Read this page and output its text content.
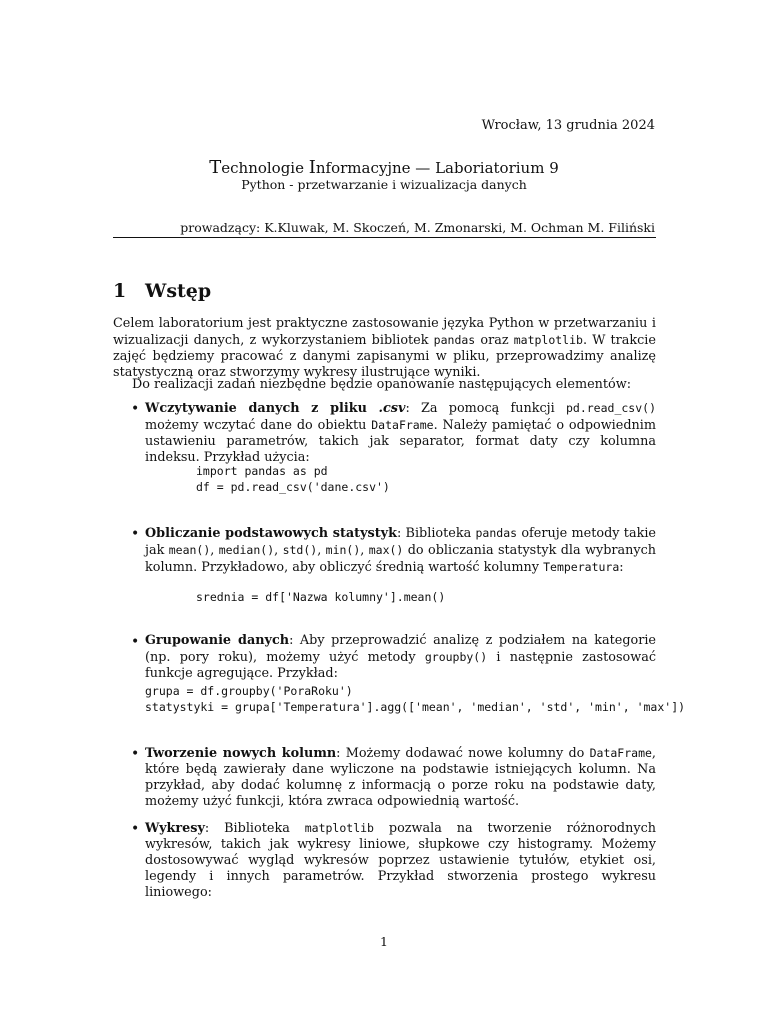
Wrocław, 13 grudnia 2024
Technologie Informacyjne — Laboriatorium 9
Python - przetwarzanie i wizualizacja danych
prowadzący: K.Kluwak, M. Skoczeń, M. Zmonarski, M. Ochman M. Filiński
1 Wstęp
Celem laboratorium jest praktyczne zastosowanie języka Python w przetwarzaniu i wizualizacji danych, z wykorzystaniem bibliotek pandas oraz matplotlib. W trakcie zajęć będziemy pracować z danymi zapisanymi w pliku, przeprowadzimy analizę statystyczną oraz stworzymy wykresy ilustrujące wyniki.
Do realizacji zadań niezbędne będzie opanowanie następujących elementów:
• Wczytywanie danych z pliku .csv: Za pomocą funkcji pd.read_csv() możemy wczytać dane do obiektu DataFrame. Należy pamiętać o odpowiednim ustawieniu parametrów, takich jak separator, format daty czy kolumna indeksu. Przykład użycia:
import pandas as pd
df = pd.read_csv('dane.csv')
• Obliczanie podstawowych statystyk: Biblioteka pandas oferuje metody takie jak mean(), median(), std(), min(), max() do obliczania statystyk dla wybranych kolumn. Przykładowo, aby obliczyć średnią wartość kolumny Temperatura:
srednia = df['Nazwa kolumny'].mean()
• Grupowanie danych: Aby przeprowadzić analizę z podziałem na kategorie (np. pory roku), możemy użyć metody groupby() i następnie zastosować funkcje agregujące. Przykład:
grupa = df.groupby('PoraRoku')
statystyki = grupa['Temperatura'].agg(['mean', 'median', 'std', 'min', 'max'])
• Tworzenie nowych kolumn: Możemy dodawać nowe kolumny do DataFrame, które będą zawierały dane wyliczone na podstawie istniejących kolumn. Na przykład, aby dodać kolumnę z informacją o porze roku na podstawie daty, możemy użyć funkcji, która zwraca odpowiednią wartość.
• Wykresy: Biblioteka matplotlib pozwala na tworzenie różnorodnych wykresów, takich jak wykresy liniowe, słupkowe czy histogramy. Możemy dostosowywać wygląd wykresów poprzez ustawienie tytułów, etykiet osi, legendy i innych parametrów. Przykład stworzenia prostego wykresu liniowego:
1
